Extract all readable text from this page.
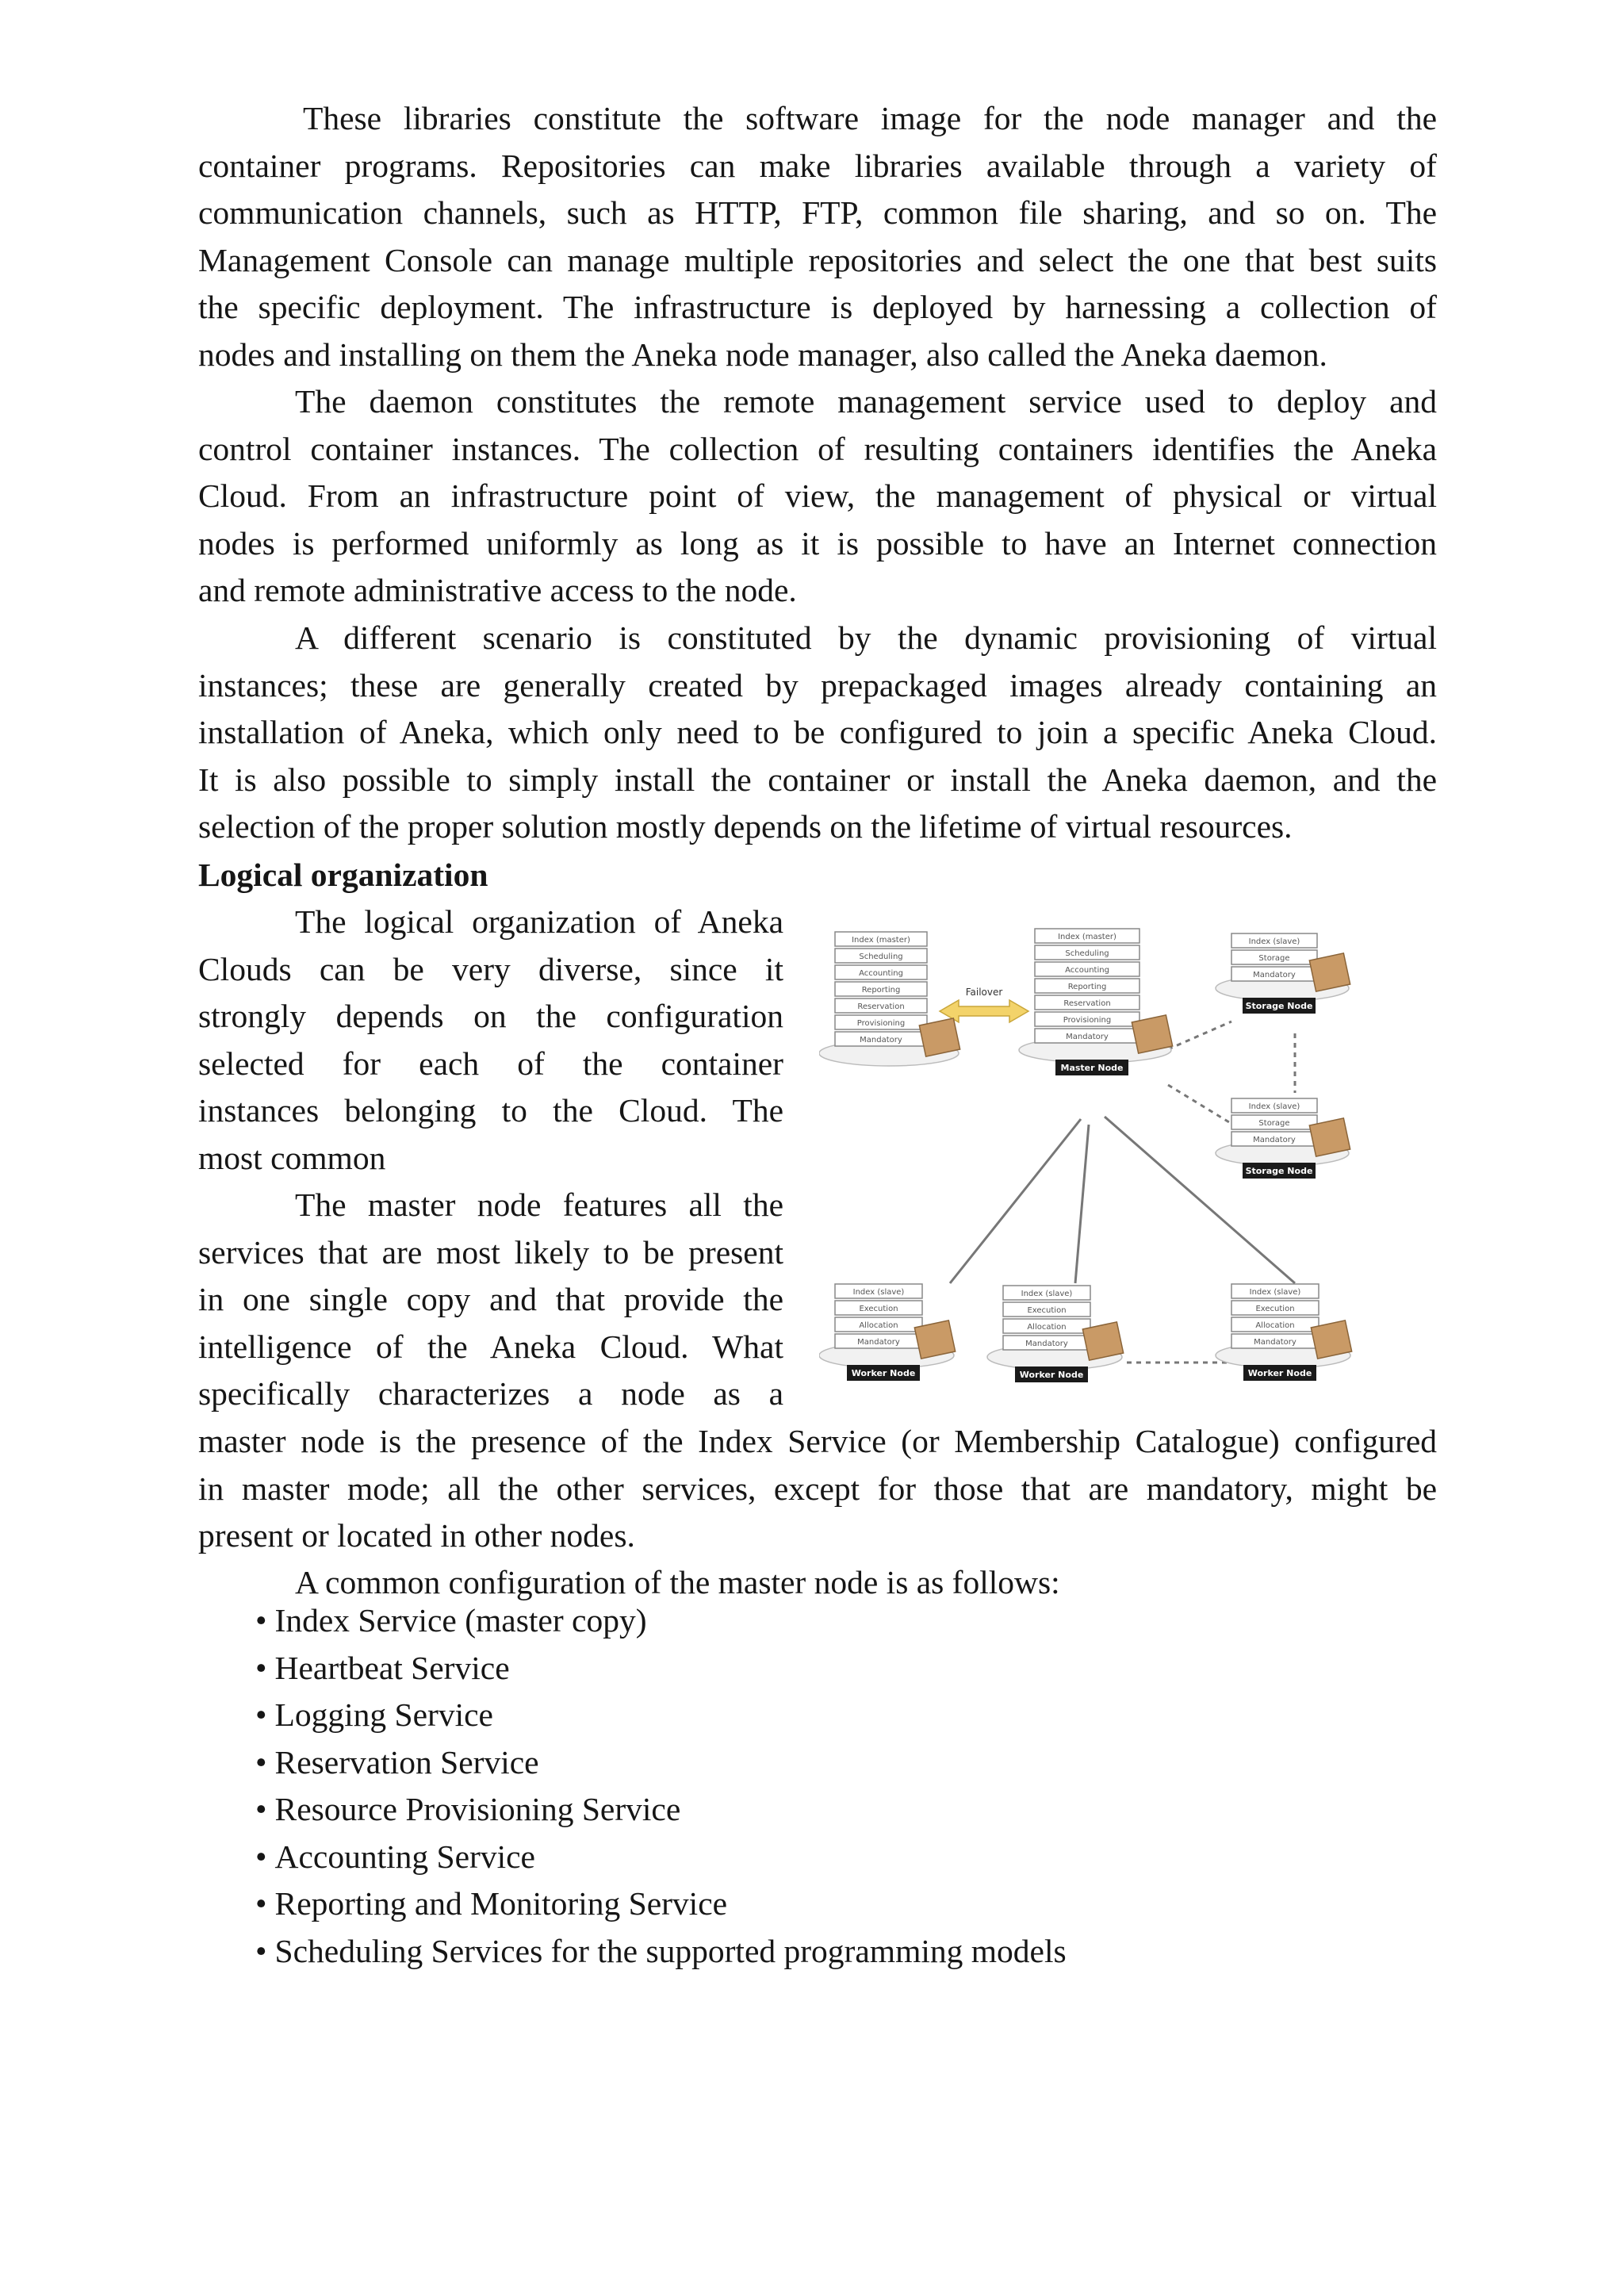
These libraries constitute the software image for the node manager and the
container programs. Repositories can make libraries available through a variety of
communication channels, such as HTTP, FTP, common file sharing, and so on. The
Management Console can manage multiple repositories and select the one that best suits
the specific deployment. The infrastructure is deployed by harnessing a collection of
nodes and installing on them the Aneka node manager, also called the Aneka daemon.
The daemon constitutes the remote management service used to deploy and
control container instances. The collection of resulting containers identifies the Aneka
Cloud. From an infrastructure point of view, the management of physical or virtual
nodes is performed uniformly as long as it is possible to have an Internet connection
and remote administrative access to the node.
A different scenario is constituted by the dynamic provisioning of virtual
instances; these are generally created by prepackaged images already containing an
installation of Aneka, which only need to be configured to join a specific Aneka Cloud.
It is also possible to simply install the container or install the Aneka daemon, and the
selection of the proper solution mostly depends on the lifetime of virtual resources.
Logical organization
The logical organization of Aneka
Clouds can be very diverse, since it
strongly depends on the configuration
selected for each of the container
instances belonging to the Cloud. The
most common
The master node features all the
services that are most likely to be present
in one single copy and that provide the
intelligence of the Aneka Cloud. What
specifically characterizes a node as a
master node is the presence of the Index Service (or Membership Catalogue) configured
in master mode; all the other services, except for those that are mandatory, might be
present or located in other nodes.
A common configuration of the master node is as follows:
• Index Service (master copy)
• Heartbeat Service
• Logging Service
• Reservation Service
• Resource Provisioning Service
• Accounting Service
• Reporting and Monitoring Service
• Scheduling Services for the supported programming models
Failover
Index (master)
Scheduling
Accounting
Reporting
Reservation
Provisioning
Mandatory
Index (master)
Scheduling
Accounting
Reporting
Reservation
Provisioning
Mandatory
Master Node
Index (slave)
Storage
Mandatory
Storage Node
Index (slave)
Storage
Mandatory
Storage Node
Index (slave)
Execution
Allocation
Mandatory
Worker Node
Index (slave)
Execution
Allocation
Mandatory
Worker Node
Index (slave)
Execution
Allocation
Mandatory
Worker Node
